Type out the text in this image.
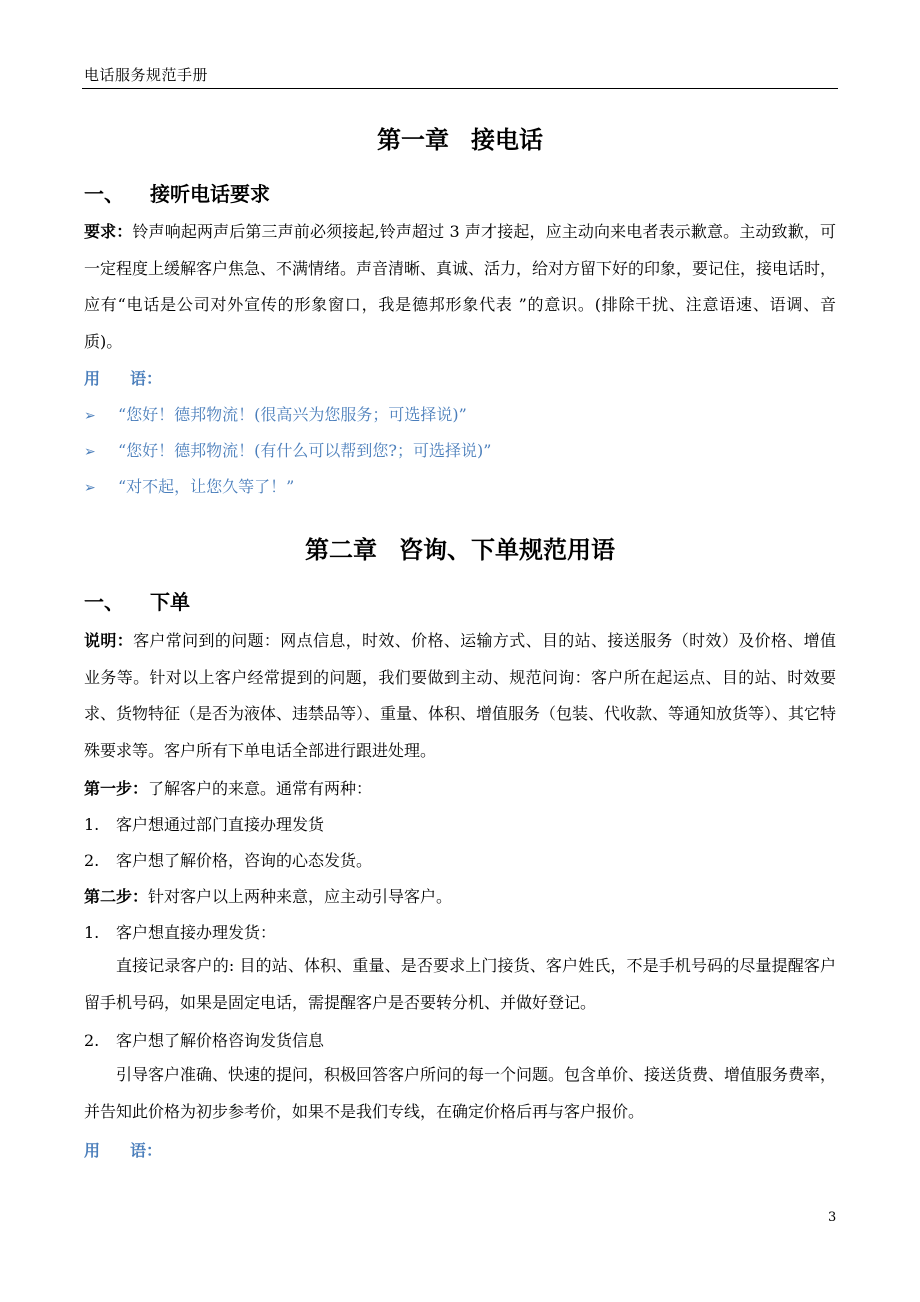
电话服务规范手册
第一章 接电话
一、 接听电话要求
要求：铃声响起两声后第三声前必须接起,铃声超过 3 声才接起，应主动向来电者表示歉意。主动致歉，可一定程度上缓解客户焦急、不满情绪。声音清晰、真诚、活力，给对方留下好的印象，要记住，接电话时，应有“电话是公司对外宣传的形象窗口，我是德邦形象代表 ”的意识。(排除干扰、注意语速、语调、音质)。
用 语：
➢ “您好！德邦物流！(很高兴为您服务；可选择说)”
➢ “您好！德邦物流！(有什么可以帮到您?；可选择说)”
➢ “对不起，让您久等了！”
第二章 咨询、下单规范用语
一、 下单
说明：客户常问到的问题：网点信息，时效、价格、运输方式、目的站、接送服务（时效）及价格、增值业务等。针对以上客户经常提到的问题，我们要做到主动、规范问询：客户所在起运点、目的站、时效要求、货物特征（是否为液体、违禁品等）、重量、体积、增值服务（包装、代收款、等通知放货等）、其它特殊要求等。客户所有下单电话全部进行跟进处理。
第一步：了解客户的来意。通常有两种：
1. 客户想通过部门直接办理发货
2. 客户想了解价格，咨询的心态发货。
第二步：针对客户以上两种来意，应主动引导客户。
1. 客户想直接办理发货：
直接记录客户的: 目的站、体积、重量、是否要求上门接货、客户姓氏，不是手机号码的尽量提醒客户留手机号码，如果是固定电话，需提醒客户是否要转分机、并做好登记。
2. 客户想了解价格咨询发货信息
引导客户准确、快速的提问，积极回答客户所问的每一个问题。包含单价、接送货费、增值服务费率，并告知此价格为初步参考价，如果不是我们专线，在确定价格后再与客户报价。
用 语：
3
